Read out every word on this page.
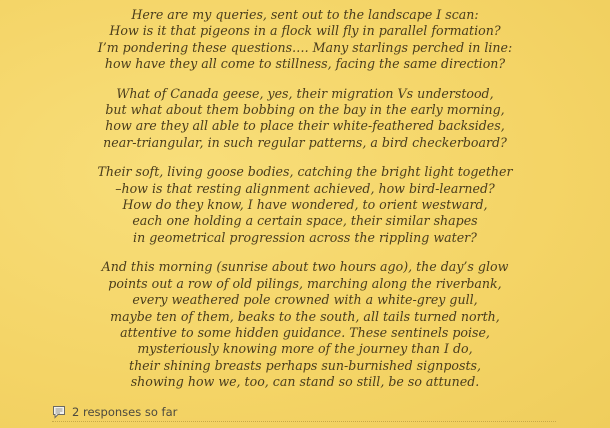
Here are my queries, sent out to the landscape I scan:
How is it that pigeons in a flock will fly in parallel formation?
I’m pondering these questions…. Many starlings perched in line:
how have they all come to stillness, facing the same direction?

What of Canada geese, yes, their migration Vs understood,
but what about them bobbing on the bay in the early morning,
how are they all able to place their white-feathered backsides,
near-triangular, in such regular patterns, a bird checkerboard?

Their soft, living goose bodies, catching the bright light together
–how is that resting alignment achieved, how bird-learned?
How do they know, I have wondered, to orient westward,
each one holding a certain space, their similar shapes
in geometrical progression across the rippling water?

And this morning (sunrise about two hours ago), the day’s glow
points out a row of old pilings, marching along the riverbank,
every weathered pole crowned with a white-grey gull,
maybe ten of them, beaks to the south, all tails turned north,
attentive to some hidden guidance. These sentinels poise,
mysteriously knowing more of the journey than I do,
their shining breasts perhaps sun-burnished signposts,
showing how we, too, can stand so still, be so attuned.

2 responses so far
